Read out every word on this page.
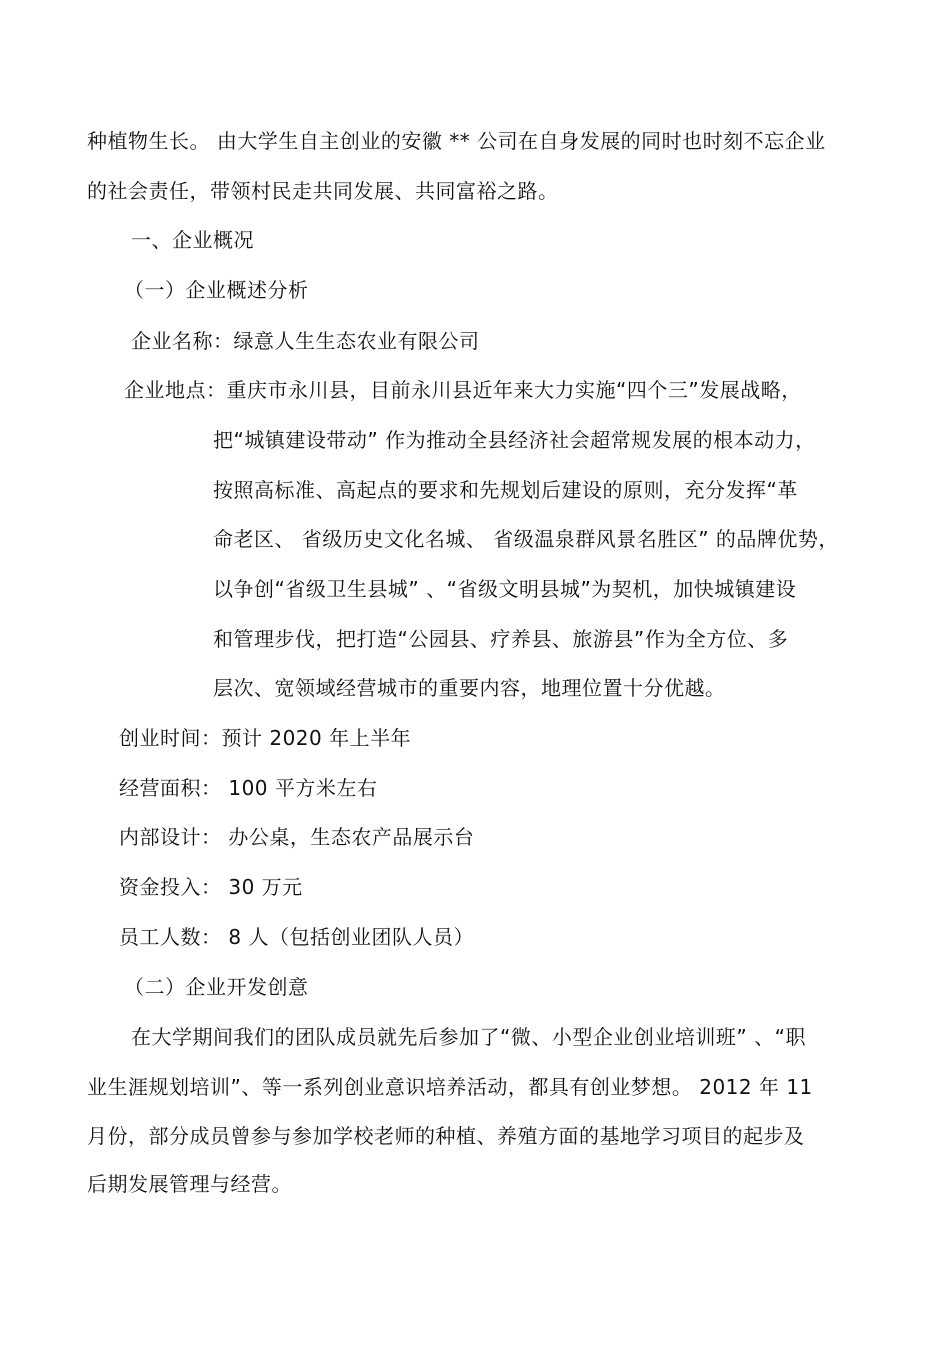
种植物生长。 由大学生自主创业的安徽 ** 公司在自身发展的同时也时刻不忘企业
的社会责任，带领村民走共同发展、共同富裕之路。
一、企业概况
（一）企业概述分析
企业名称：绿意人生生态农业有限公司
企业地点：重庆市永川县，目前永川县近年来大力实施“四个三”发展战略，
把“城镇建设带动” 作为推动全县经济社会超常规发展的根本动力，
按照高标准、高起点的要求和先规划后建设的原则，充分发挥“革
命老区、 省级历史文化名城、 省级温泉群风景名胜区” 的品牌优势，
以争创“省级卫生县城” 、“省级文明县城”为契机，加快城镇建设
和管理步伐，把打造“公园县、疗养县、旅游县”作为全方位、多
层次、宽领域经营城市的重要内容，地理位置十分优越。
创业时间：预计 2020 年上半年
经营面积： 100 平方米左右
内部设计： 办公桌，生态农产品展示台
资金投入： 30 万元
员工人数： 8 人（包括创业团队人员）
（二）企业开发创意
在大学期间我们的团队成员就先后参加了“微、小型企业创业培训班” 、“职
业生涯规划培训”、等一系列创业意识培养活动，都具有创业梦想。 2012 年 11
月份，部分成员曾参与参加学校老师的种植、养殖方面的基地学习项目的起步及
后期发展管理与经营。
